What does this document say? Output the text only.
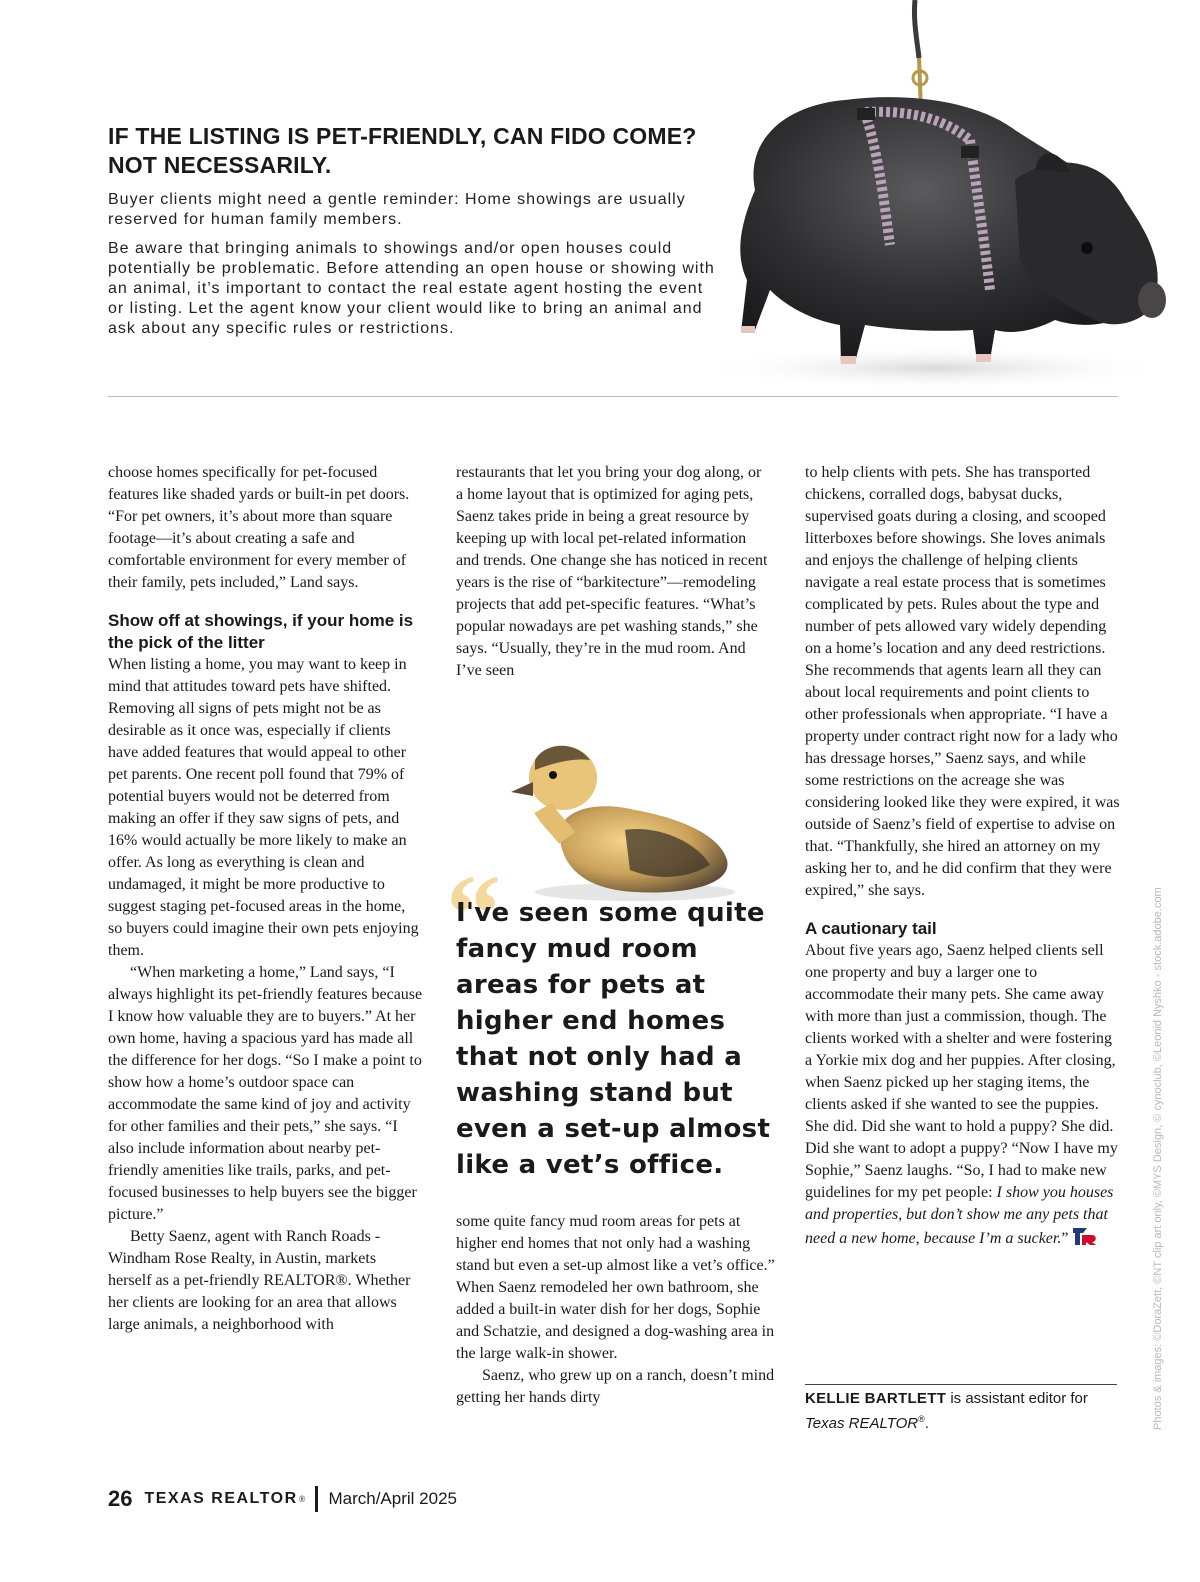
IF THE LISTING IS PET-FRIENDLY, CAN FIDO COME?
NOT NECESSARILY.

Buyer clients might need a gentle reminder: Home showings are usually reserved for human family members.

Be aware that bringing animals to showings and/or open houses could potentially be problematic. Before attending an open house or showing with an animal, it’s important to contact the real estate agent hosting the event or listing. Let the agent know your client would like to bring an animal and ask about any specific rules or restrictions.

choose homes specifically for pet-focused features like shaded yards or built-in pet doors. “For pet owners, it’s about more than square footage—it’s about creating a safe and comfortable environment for every member of their family, pets included,” Land says.

Show off at showings, if your home is the pick of the litter

When listing a home, you may want to keep in mind that attitudes toward pets have shifted. Removing all signs of pets might not be as desirable as it once was, especially if clients have added features that would appeal to other pet parents. One recent poll found that 79% of potential buyers would not be deterred from making an offer if they saw signs of pets, and 16% would actually be more likely to make an offer. As long as everything is clean and undamaged, it might be more productive to suggest staging pet-focused areas in the home, so buyers could imagine their own pets enjoying them.

“When marketing a home,” Land says, “I always highlight its pet-friendly features because I know how valuable they are to buyers.” At her own home, having a spacious yard has made all the difference for her dogs. “So I make a point to show how a home’s outdoor space can accommodate the same kind of joy and activity for other families and their pets,” she says. “I also include information about nearby pet-friendly amenities like trails, parks, and pet-focused businesses to help buyers see the bigger picture.”

Betty Saenz, agent with Ranch Roads - Windham Rose Realty, in Austin, markets herself as a pet-friendly REALTOR®. Whether her clients are looking for an area that allows large animals, a neighborhood with

restaurants that let you bring your dog along, or a home layout that is optimized for aging pets, Saenz takes pride in being a great resource by keeping up with local pet-related information and trends. One change she has noticed in recent years is the rise of “barkitecture”—remodeling projects that add pet-specific features. “What’s popular nowadays are pet washing stands,” she says. “Usually, they’re in the mud room. And I’ve seen

“
I've seen some quite fancy mud room areas for pets at higher end homes that not only had a washing stand but even a set-up almost like a vet’s office.

some quite fancy mud room areas for pets at higher end homes that not only had a washing stand but even a set-up almost like a vet’s office.” When Saenz remodeled her own bathroom, she added a built-in water dish for her dogs, Sophie and Schatzie, and designed a dog-washing area in the large walk-in shower.

Saenz, who grew up on a ranch, doesn’t mind getting her hands dirty

to help clients with pets. She has transported chickens, corralled dogs, babysat ducks, supervised goats during a closing, and scooped litterboxes before showings. She loves animals and enjoys the challenge of helping clients navigate a real estate process that is sometimes complicated by pets. Rules about the type and number of pets allowed vary widely depending on a home’s location and any deed restrictions. She recommends that agents learn all they can about local requirements and point clients to other professionals when appropriate. “I have a property under contract right now for a lady who has dressage horses,” Saenz says, and while some restrictions on the acreage she was considering looked like they were expired, it was outside of Saenz’s field of expertise to advise on that. “Thankfully, she hired an attorney on my asking her to, and he did confirm that they were expired,” she says.

A cautionary tail

About five years ago, Saenz helped clients sell one property and buy a larger one to accommodate their many pets. She came away with more than just a commission, though. The clients worked with a shelter and were fostering a Yorkie mix dog and her puppies. After closing, when Saenz picked up her staging items, the clients asked if she wanted to see the puppies. She did. Did she want to hold a puppy? She did. Did she want to adopt a puppy? “Now I have my Sophie,” Saenz laughs. “So, I had to make new guidelines for my pet people: I show you houses and properties, but don’t show me any pets that need a new home, because I’m a sucker.”

KELLIE BARTLETT is assistant editor for Texas REALTOR®.	Photos & images: ©DoraZett, ©NT clip art only, ©MYS Design, © cynoclub, ©Leonid Nyshko - stock.adobe.com
26 TEXAS REALTOR ® March/April 2025
